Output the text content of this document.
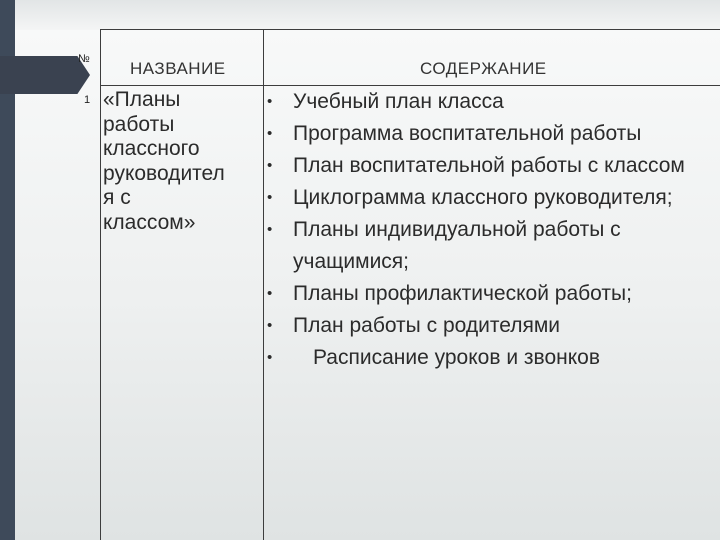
№ НАЗВАНИЕ	СОДЕРЖАНИЕ
1 «Планы
работы
классного
руководител
я с
классом»
• Учебный план класса
• Программа воспитательной работы
• План воспитательной работы с классом
• Циклограмма классного руководителя;
• Планы индивидуальной работы с учащимися;
• Планы профилактической работы;
• План работы с родителями
•	Расписание уроков и звонков
